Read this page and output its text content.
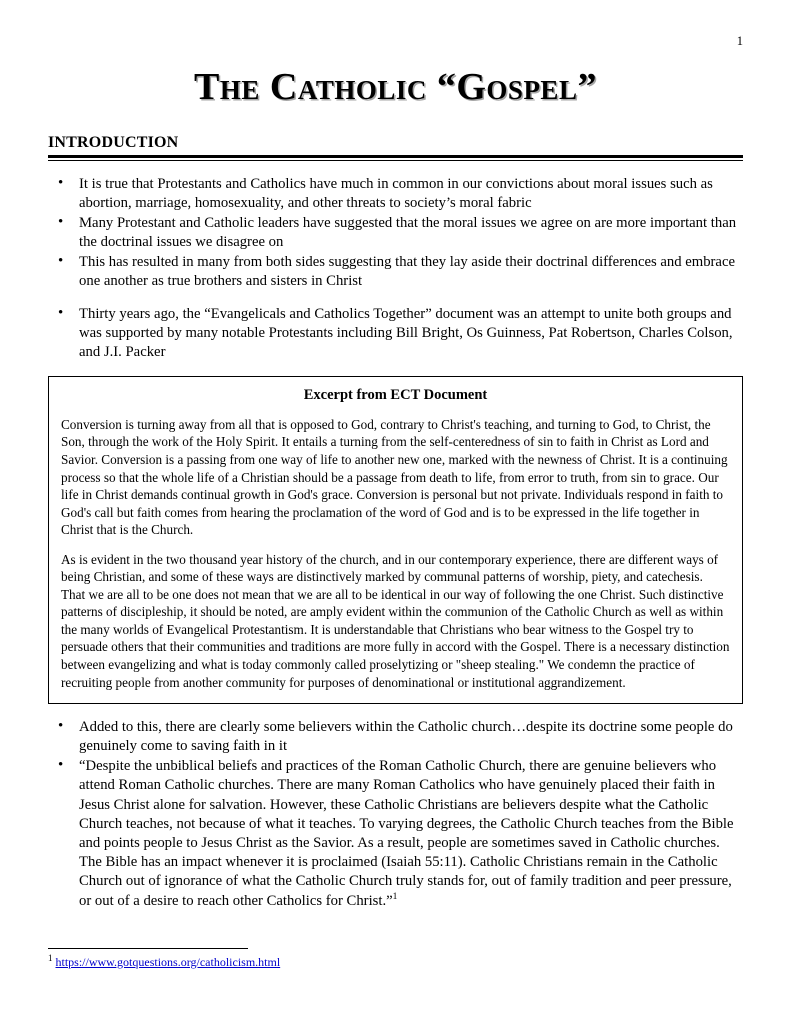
1
The Catholic “Gospel”
INTRODUCTION
• It is true that Protestants and Catholics have much in common in our convictions about moral issues such as abortion, marriage, homosexuality, and other threats to society’s moral fabric
• Many Protestant and Catholic leaders have suggested that the moral issues we agree on are more important than the doctrinal issues we disagree on
• This has resulted in many from both sides suggesting that they lay aside their doctrinal differences and embrace one another as true brothers and sisters in Christ
• Thirty years ago, the “Evangelicals and Catholics Together” document was an attempt to unite both groups and was supported by many notable Protestants including Bill Bright, Os Guinness, Pat Robertson, Charles Colson, and J.I. Packer
Excerpt from ECT Document

Conversion is turning away from all that is opposed to God, contrary to Christ's teaching, and turning to God, to Christ, the Son, through the work of the Holy Spirit. It entails a turning from the self-centeredness of sin to faith in Christ as Lord and Savior. Conversion is a passing from one way of life to another new one, marked with the newness of Christ. It is a continuing process so that the whole life of a Christian should be a passage from death to life, from error to truth, from sin to grace. Our life in Christ demands continual growth in God's grace. Conversion is personal but not private. Individuals respond in faith to God's call but faith comes from hearing the proclamation of the word of God and is to be expressed in the life together in Christ that is the Church.

As is evident in the two thousand year history of the church, and in our contemporary experience, there are different ways of being Christian, and some of these ways are distinctively marked by communal patterns of worship, piety, and catechesis. That we are all to be one does not mean that we are all to be identical in our way of following the one Christ. Such distinctive patterns of discipleship, it should be noted, are amply evident within the communion of the Catholic Church as well as within the many worlds of Evangelical Protestantism. It is understandable that Christians who bear witness to the Gospel try to persuade others that their communities and traditions are more fully in accord with the Gospel. There is a necessary distinction between evangelizing and what is today commonly called proselytizing or "sheep stealing." We condemn the practice of recruiting people from another community for purposes of denominational or institutional aggrandizement.

• Added to this, there are clearly some believers within the Catholic church…despite its doctrine some people do genuinely come to saving faith in it
• “Despite the unbiblical beliefs and practices of the Roman Catholic Church, there are genuine believers who attend Roman Catholic churches. There are many Roman Catholics who have genuinely placed their faith in Jesus Christ alone for salvation. However, these Catholic Christians are believers despite what the Catholic Church teaches, not because of what it teaches. To varying degrees, the Catholic Church teaches from the Bible and points people to Jesus Christ as the Savior. As a result, people are sometimes saved in Catholic churches. The Bible has an impact whenever it is proclaimed (Isaiah 55:11). Catholic Christians remain in the Catholic Church out of ignorance of what the Catholic Church truly stands for, out of family tradition and peer pressure, or out of a desire to reach other Catholics for Christ.”$^1$
$^1$ https://www.gotquestions.org/catholicism.html
